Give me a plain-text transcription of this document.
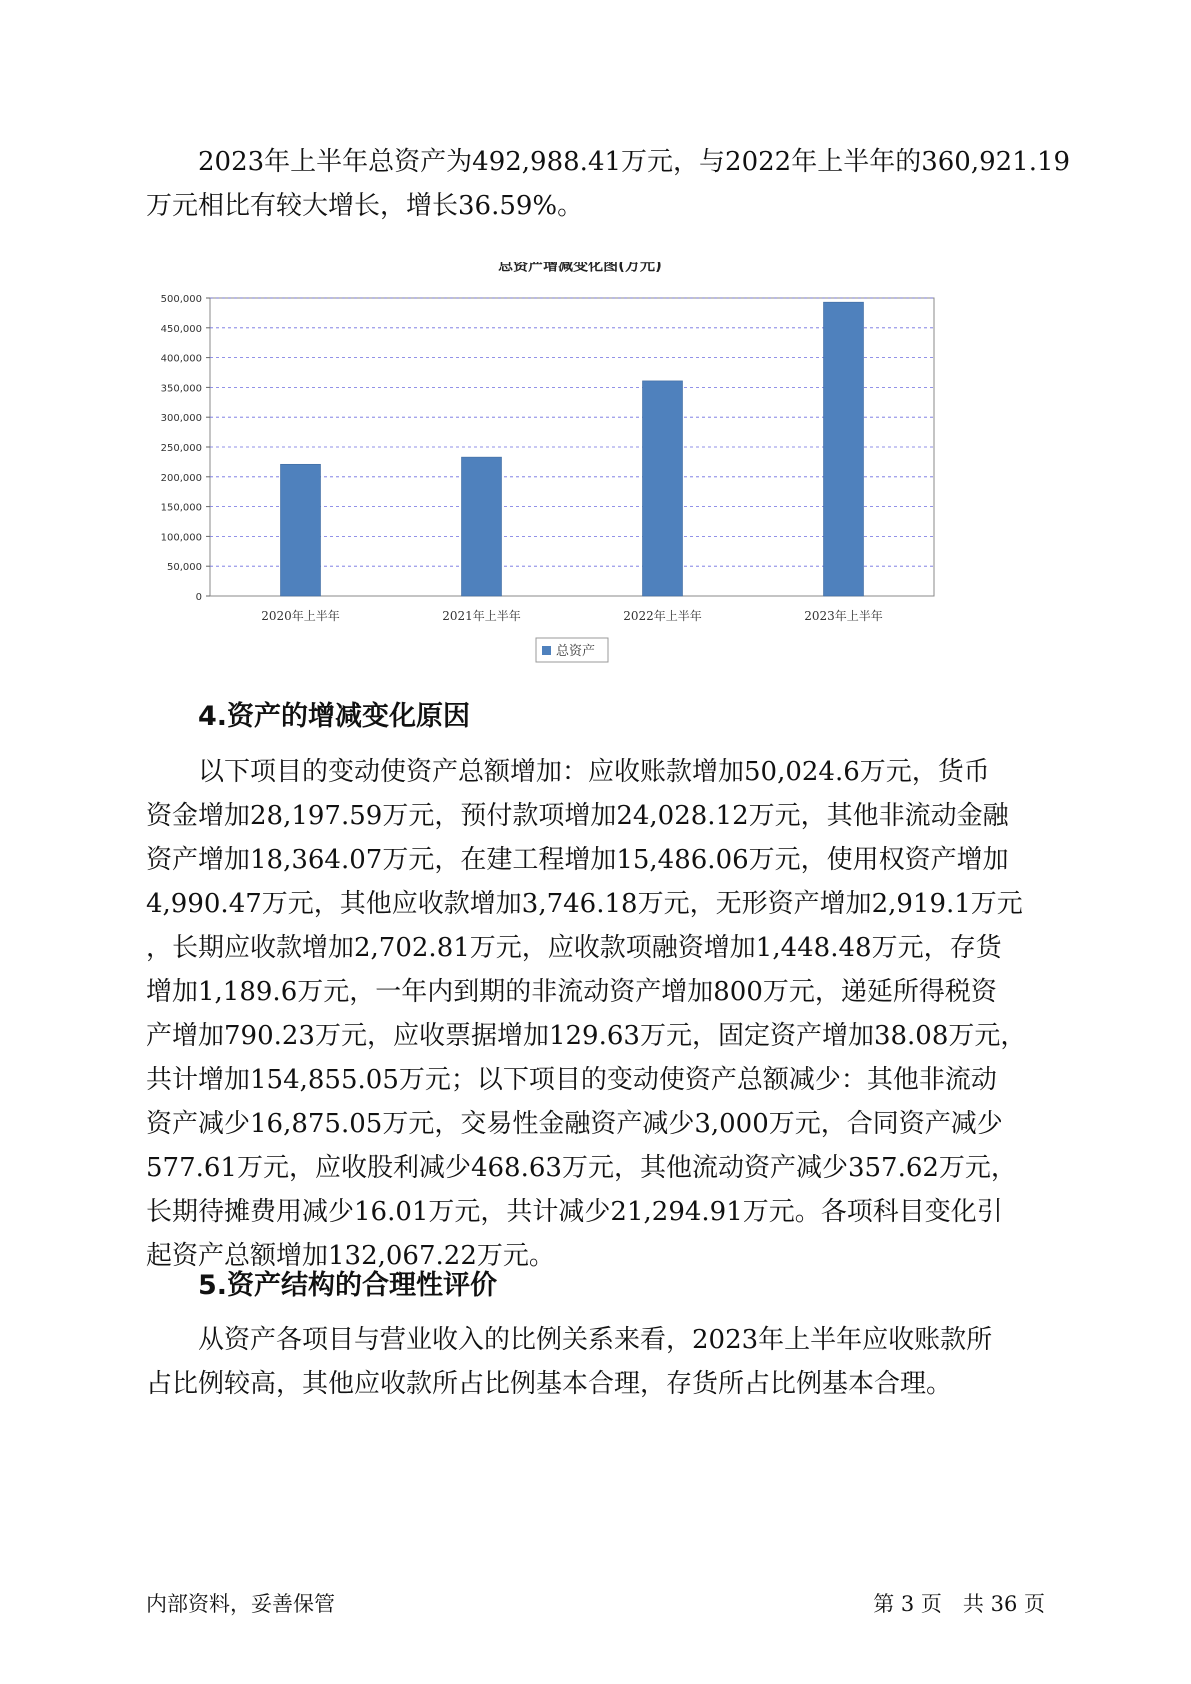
2023年上半年总资产为492,988.41万元，与2022年上半年的360,921.19
万元相比有较大增长，增长36.59%。
总资产增减变化图(万元)
0
50,000
100,000
150,000
200,000
250,000
300,000
350,000
400,000
450,000
500,000
2020年上半年	2021年上半年	2022年上半年	2023年上半年
总资产
4.资产的增减变化原因
以下项目的变动使资产总额增加：应收账款增加50,024.6万元，货币
资金增加28,197.59万元，预付款项增加24,028.12万元，其他非流动金融
资产增加18,364.07万元，在建工程增加15,486.06万元，使用权资产增加
4,990.47万元，其他应收款增加3,746.18万元，无形资产增加2,919.1万元
，长期应收款增加2,702.81万元，应收款项融资增加1,448.48万元，存货
增加1,189.6万元，一年内到期的非流动资产增加800万元，递延所得税资
产增加790.23万元，应收票据增加129.63万元，固定资产增加38.08万元，
共计增加154,855.05万元；以下项目的变动使资产总额减少：其他非流动
资产减少16,875.05万元，交易性金融资产减少3,000万元，合同资产减少
577.61万元，应收股利减少468.63万元，其他流动资产减少357.62万元，
长期待摊费用减少16.01万元，共计减少21,294.91万元。各项科目变化引
起资产总额增加132,067.22万元。
5.资产结构的合理性评价
从资产各项目与营业收入的比例关系来看，2023年上半年应收账款所
占比例较高，其他应收款所占比例基本合理，存货所占比例基本合理。

内部资料，妥善保管	第 3 页　共 36 页
